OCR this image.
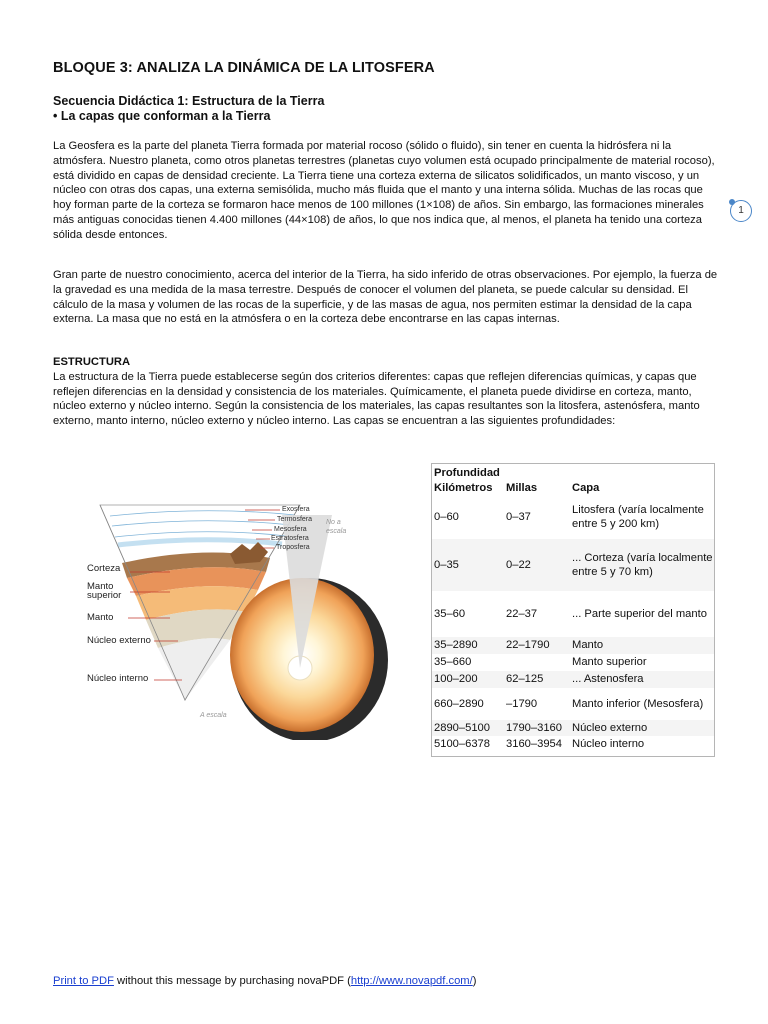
BLOQUE 3: ANALIZA LA DINÁMICA DE LA LITOSFERA
Secuencia Didáctica 1: Estructura de la Tierra
• La capas que conforman a la Tierra

La Geosfera es la parte del planeta Tierra formada por material rocoso (sólido o fluido), sin tener en cuenta la hidrósfera ni la atmósfera. Nuestro planeta, como otros planetas terrestres (planetas cuyo volumen está ocupado principalmente de material rocoso), está dividido en capas de densidad creciente. La Tierra tiene una corteza externa de silicatos solidificados, un manto viscoso, y un núcleo con otras dos capas, una externa semisólida, mucho más fluida que el manto y una interna sólida. Muchas de las rocas que hoy forman parte de la corteza se formaron hace menos de 100 millones (1×108) de años. Sin embargo, las formaciones minerales más antiguas conocidas tienen 4.400 millones (44×108) de años, lo que nos indica que, al menos, el planeta ha tenido una corteza sólida desde entonces.

Gran parte de nuestro conocimiento, acerca del interior de la Tierra, ha sido inferido de otras observaciones. Por ejemplo, la fuerza de la gravedad es una medida de la masa terrestre. Después de conocer el volumen del planeta, se puede calcular su densidad. El cálculo de la masa y volumen de las rocas de la superficie, y de las masas de agua, nos permiten estimar la densidad de la capa externa. La masa que no está en la atmósfera o en la corteza debe encontrarse en las capas internas.

ESTRUCTURA

La estructura de la Tierra puede establecerse según dos criterios diferentes: capas que reflejen diferencias químicas, y capas que reflejen diferencias en la densidad y consistencia de los materiales. Químicamente, el planeta puede dividirse en corteza, manto, núcleo externo y núcleo interno. Según la consistencia de los materiales, las capas resultantes son la litosfera, astenósfera, manto externo, manto interno, núcleo externo y núcleo interno. Las capas se encuentran a las siguientes profundidades:

1
Corteza
Manto
superior
Manto
Núcleo externo
Núcleo interno
Exosfera
Termosfera
Mesosfera
Estratosfera
Troposfera
No a
escala
A escala
Profundidad		
Kilómetros	Millas	Capa
0–60	0–37	Litosfera (varía localmente entre 5 y 200 km)
0–35	0–22	... Corteza (varía localmente entre 5 y 70 km)
35–60	22–37	... Parte superior del manto
35–2890	22–1790	Manto
35–660		Manto superior
100–200	62–125	... Astenosfera
660–2890	–1790	Manto inferior (Mesosfera)
2890–5100	1790–3160	Núcleo externo
5100–6378	3160–3954	Núcleo interno
Print to PDF without this message by purchasing novaPDF (http://www.novapdf.com/)
